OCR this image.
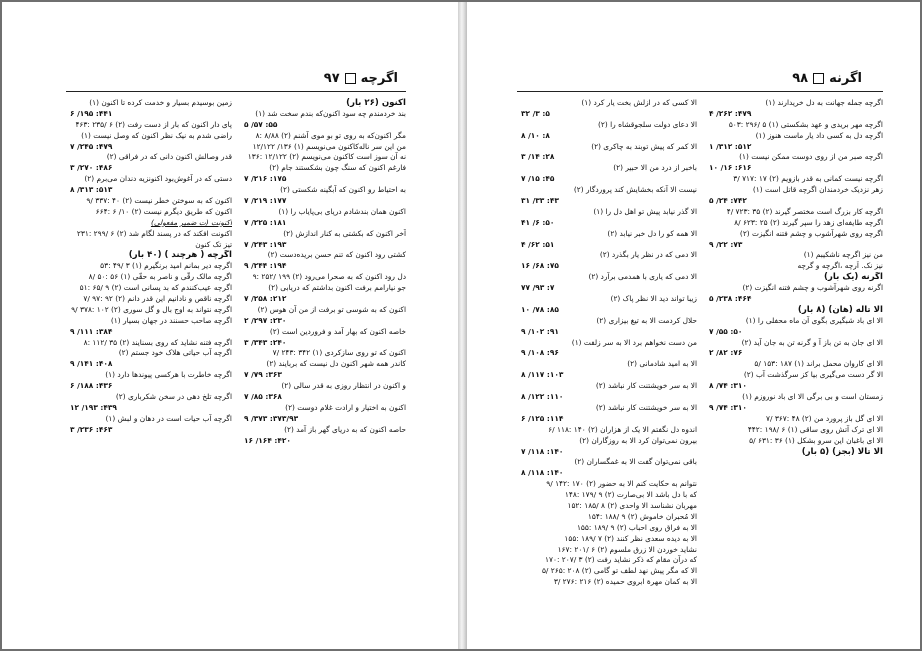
اگرچه
۹۷
اکنون (۲۶ بار)
بند خردمندم چه سود اکنون‌که بندم سخت شد (۱)
۵ /۵۷ :۵۵
مگر اکنون‌که به روی تو بو موی آشنم (۲) ۸/۸۸ :۸
من این سر ناله‌کاکنون می‌نویسم (۱) ۱۳۶/ ۱۲/۱۲۲
نه آن سوز است کاکنون می‌نویسم (۲) ۱۲/۱۲۲ :۱۳۶
فارغم اکنون که سنگ چون بشکستند جام (۲)
۷ /۲۱۶ :۱۷۵
به احتیاط رو اکنون که آبگینه شکستی (۲)
۷ /۲۱۹ :۱۷۷
اکنون همان بندشادم دریای بی‌پایاب را (۱)
۷ /۲۲۵ :۱۸۱
آخر اکنون که بکشتی به کنار اندازش (۲)
۷ /۲۴۳ :۱۹۳
کشتی رود اکنون که تنم حسن بریده‌دست (۲)
۹ /۲۴۴ :۱۹۴
دل رود اکنون که به صحرا می‌رود (۲) ۱۹۹ /۲۵۲ :۹
جو نیارامم برفت اکنون بداشتم که دریابی (۲)
۷ /۲۵۸ :۲۱۲
اکنون که به شوسی تو برفت از من آن هوس (۲)
۲ /۲۹۷ :۲۳۰
خاصه اکنون که بهار آمد و فروردین است (۲)
۳ /۳۴۳ :۲۴۰
اکنون که تو روی سازکردی (۱) ۳۴۲ :۲۴۳ /۷
کاندر همه شهر اکنون دل نیست که بربایند (۲)
۷ /۷۹ :۳۶۳
و اکنون در انتظار روزی به قدر سالی (۲)
۷ /۸۵ :۳۶۸
اکنون به اختیار و ارادت غلام دوست (۲)
۹ /۳۷۳ :۳۷۳/۹۳
حاصه اکنون که به دریای گهر باز آمد (۲)
۱۶ /۱۶۴ :۴۲۰
زمین بوسیدم بسیار و خدمت کرده تا اکنون (۱)
۶ /۱۹۵ :۴۴۱
پای دار اکنون که بار از دست رفت (۲) ۶ /۲۳۵ :۴۶۳
راضی شدم به نیک نظر اکنون که وصل نیست (۱)
۷ /۲۴۵ :۴۷۹
قدر وصالش اکنون دانی که در فراقی (۲)
۳ /۲۷۰ :۴۸۶
دستی که در آغوش‌بود اکنونزیه دندان می‌برم (۲)
۸ /۳۱۳ :۵۱۳
اکنون که به سوختن خطر نیست (۲) ۴۰ :۳۳۷ /۹
اکنون که طریق دیگرم نیست (۲) ۱۰/ ۶ :۶۶۴
اکنونت (ت ضمیر مفعولی)
اکنونت افکند که در پسند لگام شد (۲) ۶ /۲۹۹ :۲۳۱
تیز تک کنون
اگرچه ( هرچند ) (۴۰ بار)
اگرچه دیر بمانم امید برنگیرم (۱) ۳ /۴۹ :۵۳
اگرچه مالک رقّی و ناصر به حقّی (۱) ۵۶ :۵۰ /۸
اگرچه عیب‌کنندم که بد پسانی است (۲) ۹ /۶۵ :۵۱
اگرچه ناقص و نادانیم این قدر دانم (۲) ۹۲ :۹۷ /۷
اگرچه نتواند به اوج بال و گل سوری (۲) ۱۰۲ :۳۷۸ /۹
اگرچه صاحب حسنند در جهان بسیار (۱)
۹ /۱۱۱ :۳۸۴
اگرچه فتنه نشاید که روی بسنایند (۲) ۳۵ /۱۱۲ :۸
اگرچه آب حیاتی هلاک خود جستم (۲)
۹ /۱۴۱ :۴۰۸
اگرچه خاطرت با هرکسی پیوندها دارد (۱)
۶ /۱۸۸ :۴۳۶
اگرچه تلخ دهی در سخن شکرباری (۲)
۱۲ /۱۹۳ :۴۳۹
اگرچه آب حیات است در دهان و لبش (۱)
۳ /۲۳۶ :۴۶۳
اگرنه
۹۸
اگرچه جمله جهانت به دل خریدارند (۱)
۴ /۲۶۲ :۴۷۹
اگرچه مهر بریدی و عهد بشکستی (۱) ۵ /۲۹۶ :۵۰۳
اگرچه دل به کسی داد یار ماست هنوز (۱)
۱ /۳۱۲ :۵۱۲
اگرچه صبر من از روی دوست ممکن نیست (۱)
۱۰ /۱۶ :۶۱۶
اگرچه نیست کمانی به قدر بازویم (۲) ۱۷ :۷۱۷ /۳
زهر نزدیک خردمندان اگرچه قاتل است (۱)
۵ /۲۴ :۷۴۲
اگرچه کار بزرگ است مختصر گیرند (۲) ۳۵ :۷۲۳ /۴
اگرچه طایفه‌ای زهد را سپر گیرند (۲) ۲۵ :۶۲۳ /۸
اگرچه روی شهرآشوب و چشم فتنه انگیزت (۲)
۹ /۲۲ :۷۳
من نیز اگرچه ناشکیبم (۱)
نیز نک. اَرچه ،اگرچه و گرچه
اگرنه (یک بار)
اگرنه روی شهرآشوب و چشم فتنه انگیزت (۲)
۵ /۲۳۸ :۴۶۴
الا تاله (هان) (۸ بار)
الا ای باد شبگیری بگوی آن ماه محفلی را (۱)
۷ /۵۵ :۵۰
الا ای جان به تن باز آ و گرنه تن به جان آید (۲)
۲ /۸۲ :۷۶
الا ای کاروان محمل براند (۱) ۱۸۷ :۱۵۳ /۵
الا گر دست می‌گیری بیا کز سرگذشت آب (۲)
۸ /۷۴ :۳۱۰
زمستان است و بی برگی الا ای باد نوروزم (۱)
۹ /۷۴ :۳۱۰
الا ای گل باز پرورد من (۲) ۴۸ :۳۶۷ /۷
الا ای ترک آتش روی ساقی (۱) ۶ /۱۹۸ :۴۴۲
الا ای باغبان این سرو بشکل (۱) ۳۶ :۶۳۱ /۵
الا تالّا (بجز) (۵ بار)
الا کسی که در ازلش بخت یار کرد (۱)
۳۲ /۳ :۵
الا دعای دولت سلجوقشاه را (۲)
۸ /۱۰ :۸
الا کمر که پیش توبند به چاکری (۲)
۳ /۱۴ :۲۸
باخبر از درد من الا حبیر (۲)
۷ /۱۵ :۴۵
نیست الا آنکه بخشایش کند پروردگار (۲)
۳۱ /۳۳ :۴۳
الا گذر نیابد پیش تو اهل دل را (۱)
۴۱ /۶ :۵۰
الا همه کو را دل خبر نیابد (۲)
۴ /۶۲ :۵۱
الا دمی که در نظر یار بگذرد (۲)
۱۶ /۶۸ :۷۵
الا دمی که یاری با همدمی برآرد (۲)
۷۷ /۹۳ :۷
زیبا تواند دید الا نظر پاک (۲)
۱۰ /۷۸ :۸۵
حلال کردمت الا به تیغ بیزاری (۲)
۹ /۱۰۲ :۹۱
من دست نخواهم برد الا به سر زلفت (۱)
۹ /۱۰۸ :۹۶
الا به امید شادمانی (۲)
۸ /۱۱۷ :۱۰۳
الا به سر خویشتنت کار نباشد (۲)
۸ /۱۲۲ :۱۱۰
الا به سر خویشتنت کار نباشد (۲)
۶ /۱۲۵ :۱۱۴
اندوه دل نگفتم الا یک از هزاران (۲) ۱۴۰ :۱۱۸ /۶
بیرون نمی‌توان کرد الا به روزگاران (۲)
۷ /۱۱۸ :۱۴۰
باقی نمی‌توان گفت الا به غمگساران (۲)
۸ /۱۱۸ :۱۴۰
نتوانم به حکایت کنم الا به حضور (۲) ۱۷۰ :۱۴۲ /۹
که با دل باشد الا بی‌صارت (۲) ۹ /۱۷۹ :۱۴۸
مهربان نشناسد الا واحدی (۲) ۸ /۱۸۵ :۱۵۲
الا مُحبران خاموش (۲) ۹ /۱۸۸ :۱۵۴
الا به فراق روی احباب (۲) ۹ /۱۸۹ :۱۵۵
الا به دیده سعدی نظر کنند (۲) ۷ /۱۸۹ :۱۵۵
نشاید خوردن الا زرق ملسوم (۲) ۶ /۲۰۱ :۱۶۷
که درآن مقام که ذکر نشاید رفت (۲) ۳ /۲۰۷ :۱۷۰
الا که مگر پیش نهد لطف تو گامی (۲) ۲۰۸ :۲۶۵ /۵
الا به کمان مهرة ابروی حمیده (۲) ۲۱۶ :۲۷۶ /۳
